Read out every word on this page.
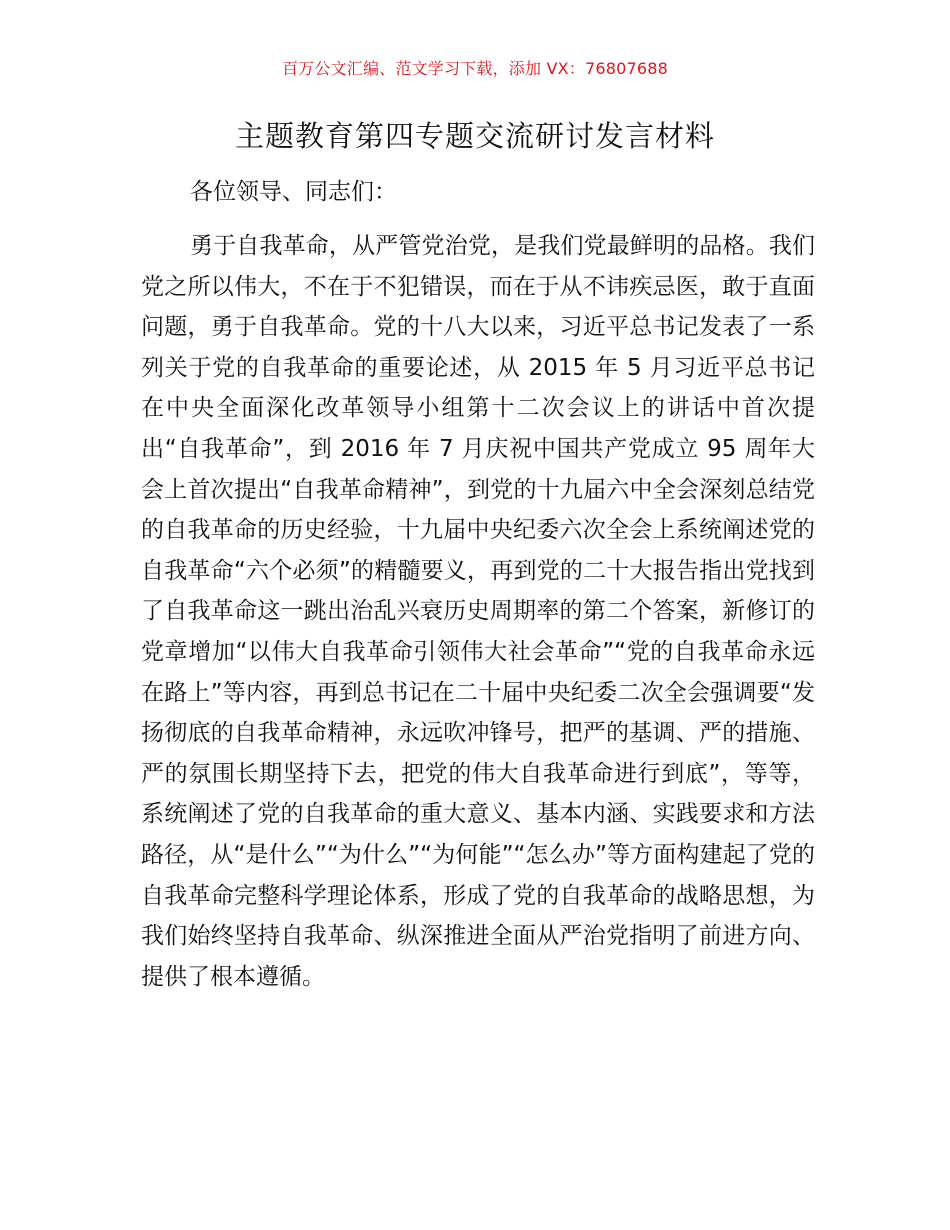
百万公文汇编、范文学习下载，添加 VX：76807688
主题教育第四专题交流研讨发言材料

各位领导、同志们：

勇于自我革命，从严管党治党，是我们党最鲜明的品格。我们党之所以伟大，不在于不犯错误，而在于从不讳疾忌医，敢于直面问题，勇于自我革命。党的十八大以来，习近平总书记发表了一系列关于党的自我革命的重要论述，从 2015 年 5 月习近平总书记在中央全面深化改革领导小组第十二次会议上的讲话中首次提出“自我革命”，到 2016 年 7 月庆祝中国共产党成立 95 周年大会上首次提出“自我革命精神”，到党的十九届六中全会深刻总结党的自我革命的历史经验，十九届中央纪委六次全会上系统阐述党的自我革命“六个必须”的精髓要义，再到党的二十大报告指出党找到了自我革命这一跳出治乱兴衰历史周期率的第二个答案，新修订的党章增加“以伟大自我革命引领伟大社会革命”“党的自我革命永远在路上”等内容，再到总书记在二十届中央纪委二次全会强调要“发扬彻底的自我革命精神，永远吹冲锋号，把严的基调、严的措施、严的氛围长期坚持下去，把党的伟大自我革命进行到底”，等等，系统阐述了党的自我革命的重大意义、基本内涵、实践要求和方法路径，从“是什么”“为什么”“为何能”“怎么办”等方面构建起了党的自我革命完整科学理论体系，形成了党的自我革命的战略思想，为我们始终坚持自我革命、纵深推进全面从严治党指明了前进方向、提供了根本遵循。
